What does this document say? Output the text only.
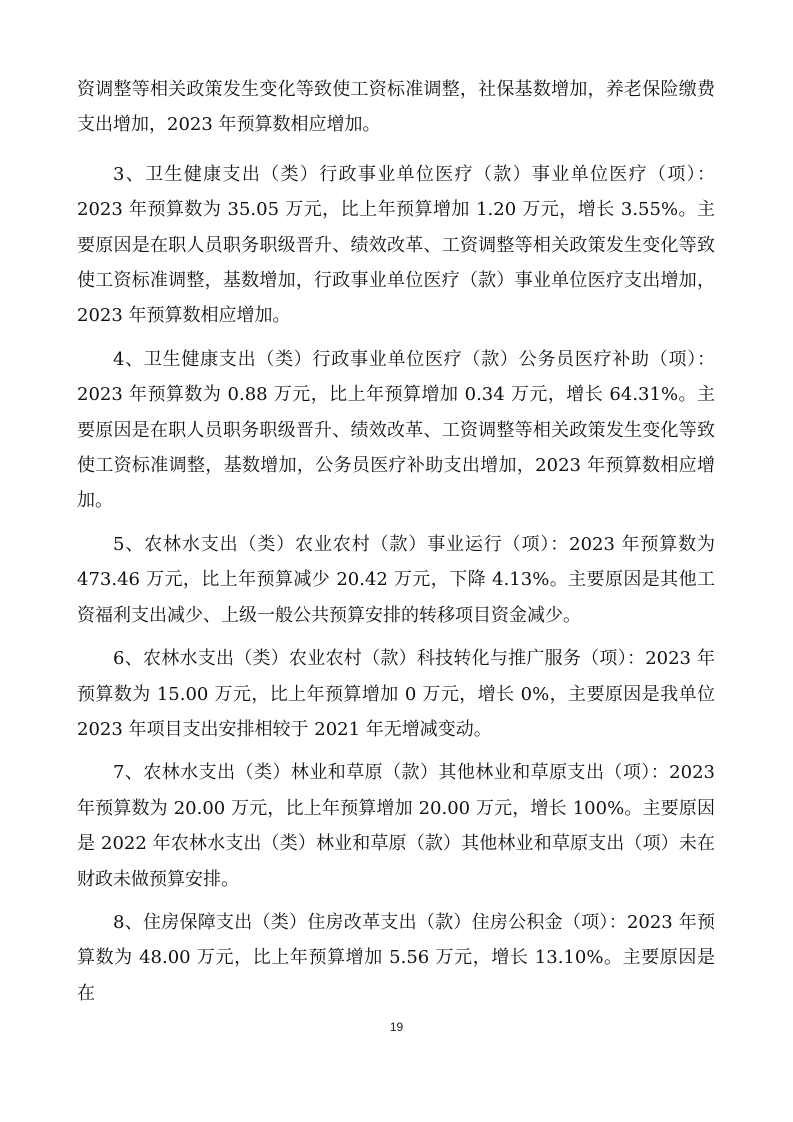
资调整等相关政策发生变化等致使工资标准调整，社保基数增加，养老保险缴费支出增加，2023 年预算数相应增加。

3、卫生健康支出（类）行政事业单位医疗（款）事业单位医疗（项）：2023 年预算数为 35.05 万元，比上年预算增加 1.20 万元，增长 3.55%。主要原因是在职人员职务职级晋升、绩效改革、工资调整等相关政策发生变化等致使工资标准调整，基数增加，行政事业单位医疗（款）事业单位医疗支出增加，2023 年预算数相应增加。

4、卫生健康支出（类）行政事业单位医疗（款）公务员医疗补助（项）：2023 年预算数为 0.88 万元，比上年预算增加 0.34 万元，增长 64.31%。主要原因是在职人员职务职级晋升、绩效改革、工资调整等相关政策发生变化等致使工资标准调整，基数增加，公务员医疗补助支出增加，2023 年预算数相应增加。

5、农林水支出（类）农业农村（款）事业运行（项）：2023 年预算数为 473.46 万元，比上年预算减少 20.42 万元，下降 4.13%。主要原因是其他工资福利支出减少、上级一般公共预算安排的转移项目资金减少。

6、农林水支出（类）农业农村（款）科技转化与推广服务（项）：2023 年预算数为 15.00 万元，比上年预算增加 0 万元，增长 0%，主要原因是我单位 2023 年项目支出安排相较于 2021 年无增减变动。

7、农林水支出（类）林业和草原（款）其他林业和草原支出（项）：2023 年预算数为 20.00 万元，比上年预算增加 20.00 万元，增长 100%。主要原因是 2022 年农林水支出（类）林业和草原（款）其他林业和草原支出（项）未在财政未做预算安排。

8、住房保障支出（类）住房改革支出（款）住房公积金（项）：2023 年预算数为 48.00 万元，比上年预算增加 5.56 万元，增长 13.10%。主要原因是在

19
